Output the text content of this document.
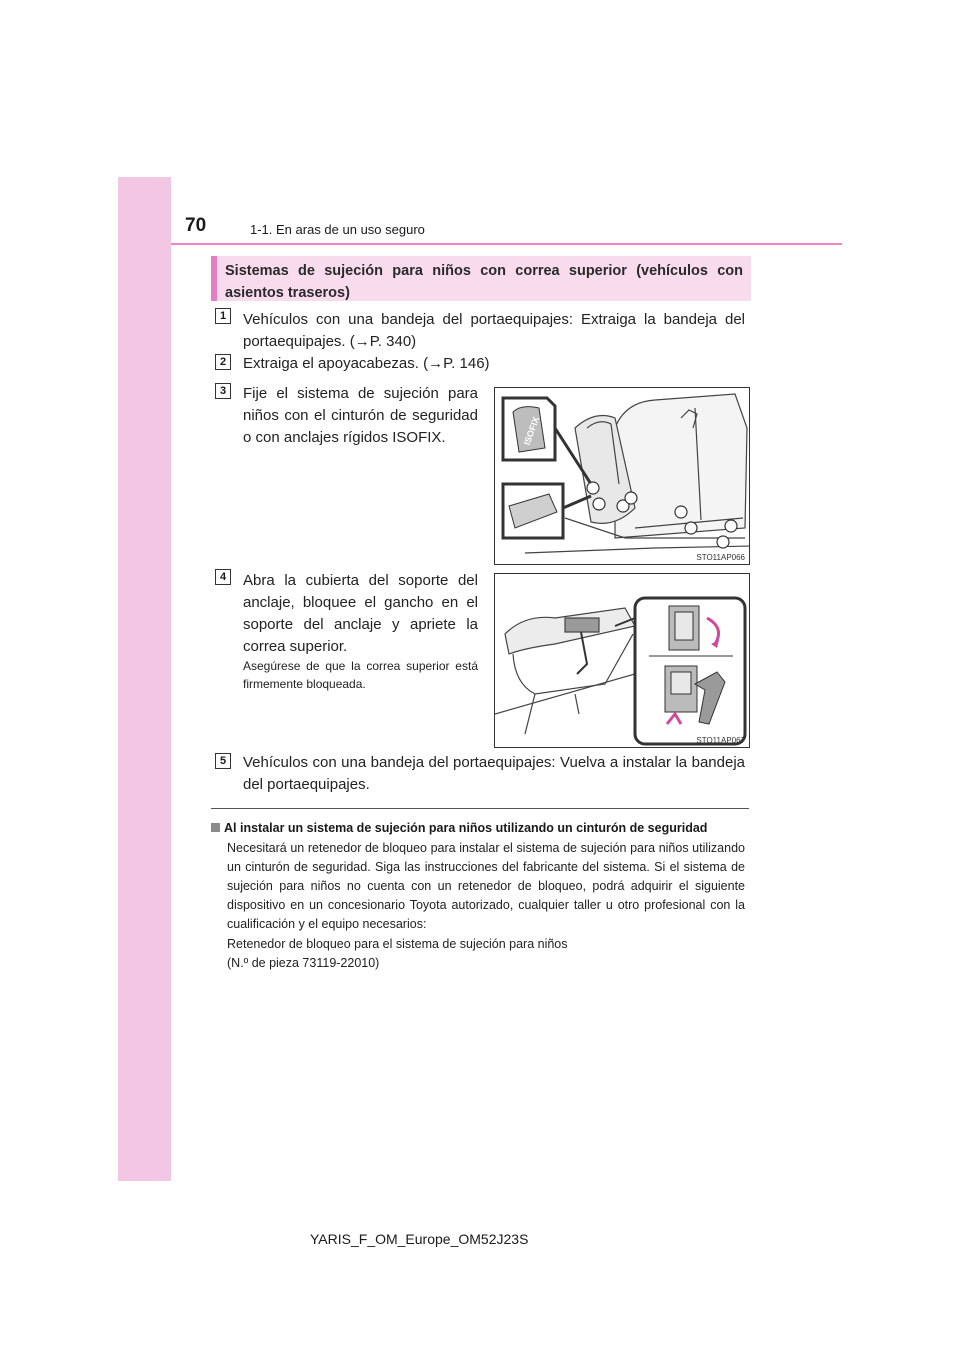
70	1-1. En aras de un uso seguro
Sistemas de sujeción para niños con correa superior (vehículos con asientos traseros)
1	Vehículos con una bandeja del portaequipajes: Extraiga la bandeja del portaequipajes. (→P. 340)
2	Extraiga el apoyacabezas. (→P. 146)
3	Fije el sistema de sujeción para niños con el cinturón de seguridad o con anclajes rígidos ISOFIX.	ISOFIX
STO11AP066
4	Abra la cubierta del soporte del anclaje, bloquee el gancho en el soporte del anclaje y apriete la correa superior.
Asegúrese de que la correa superior está firmemente bloqueada.
STO11AP067
5	Vehículos con una bandeja del portaequipajes: Vuelva a instalar la bandeja del portaequipajes.
Al instalar un sistema de sujeción para niños utilizando un cinturón de seguridad
Necesitará un retenedor de bloqueo para instalar el sistema de sujeción para niños utilizando un cinturón de seguridad. Siga las instrucciones del fabricante del sistema. Si el sistema de sujeción para niños no cuenta con un retenedor de bloqueo, podrá adquirir el siguiente dispositivo en un concesionario Toyota autorizado, cualquier taller u otro profesional con la cualificación y el equipo necesarios:
Retenedor de bloqueo para el sistema de sujeción para niños
(N.º de pieza 73119-22010)
YARIS_F_OM_Europe_OM52J23S
